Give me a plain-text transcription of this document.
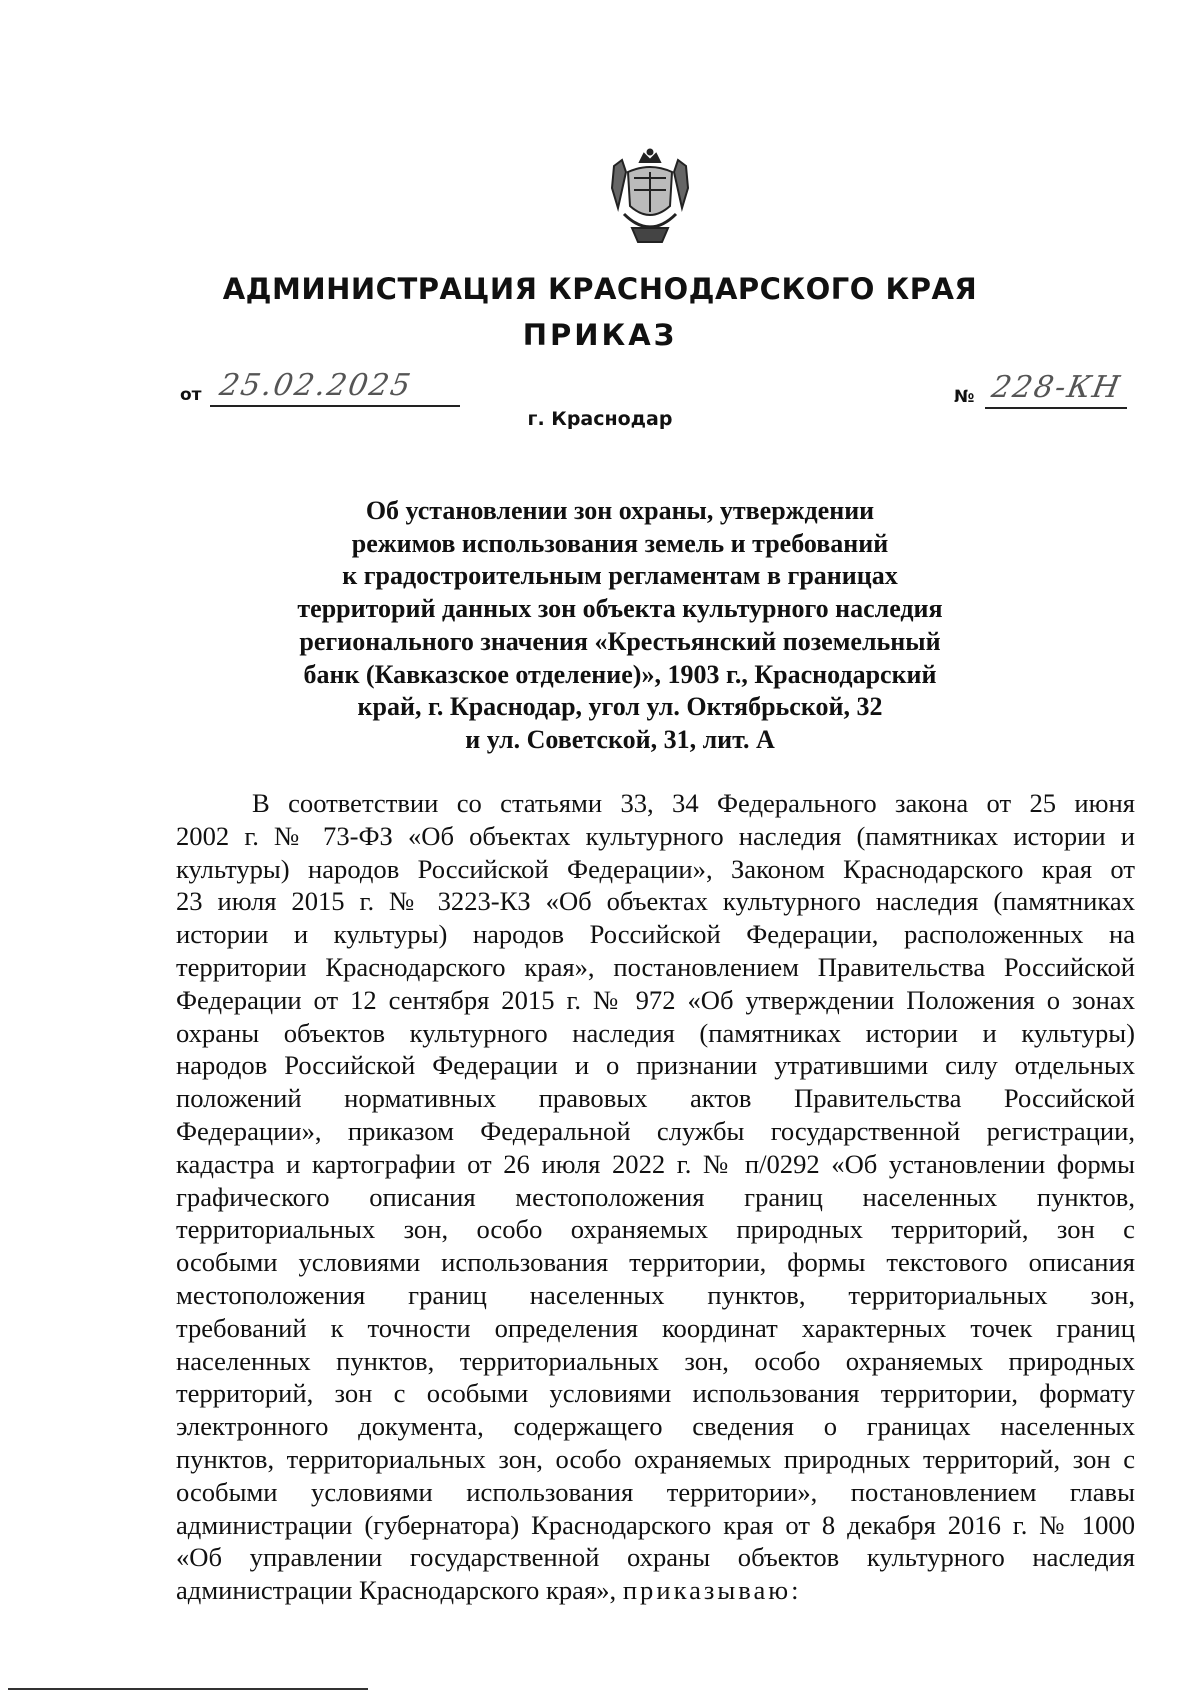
АДМИНИСТРАЦИЯ КРАСНОДАРСКОГО КРАЯ
ПРИКАЗ
от 25.02.2025
г. Краснодар
№ 228-КН

Об установлении зон охраны, утверждении
режимов использования земель и требований
к градостроительным регламентам в границах
территорий данных зон объекта культурного наследия
регионального значения «Крестьянский поземельный
банк (Кавказское отделение)», 1903 г., Краснодарский
край, г. Краснодар, угол ул. Октябрьской, 32
и ул. Советской, 31, лит. А

В соответствии со статьями 33, 34 Федерального закона от 25 июня
2002 г. № 73-ФЗ «Об объектах культурного наследия (памятниках истории и
культуры) народов Российской Федерации», Законом Краснодарского края от
23 июля 2015 г. № 3223-КЗ «Об объектах культурного наследия (памятниках
истории и культуры) народов Российской Федерации, расположенных на
территории Краснодарского края», постановлением Правительства Российской
Федерации от 12 сентября 2015 г. № 972 «Об утверждении Положения о зонах
охраны объектов культурного наследия (памятниках истории и культуры)
народов Российской Федерации и о признании утратившими силу отдельных
положений нормативных правовых актов Правительства Российской
Федерации», приказом Федеральной службы государственной регистрации,
кадастра и картографии от 26 июля 2022 г. № п/0292 «Об установлении формы
графического описания местоположения границ населенных пунктов,
территориальных зон, особо охраняемых природных территорий, зон с
особыми условиями использования территории, формы текстового описания
местоположения границ населенных пунктов, территориальных зон,
требований к точности определения координат характерных точек границ
населенных пунктов, территориальных зон, особо охраняемых природных
территорий, зон с особыми условиями использования территории, формату
электронного документа, содержащего сведения о границах населенных
пунктов, территориальных зон, особо охраняемых природных территорий, зон с
особыми условиями использования территории», постановлением главы
администрации (губернатора) Краснодарского края от 8 декабря 2016 г. № 1000
«Об управлении государственной охраны объектов культурного наследия
администрации Краснодарского края», приказываю:
